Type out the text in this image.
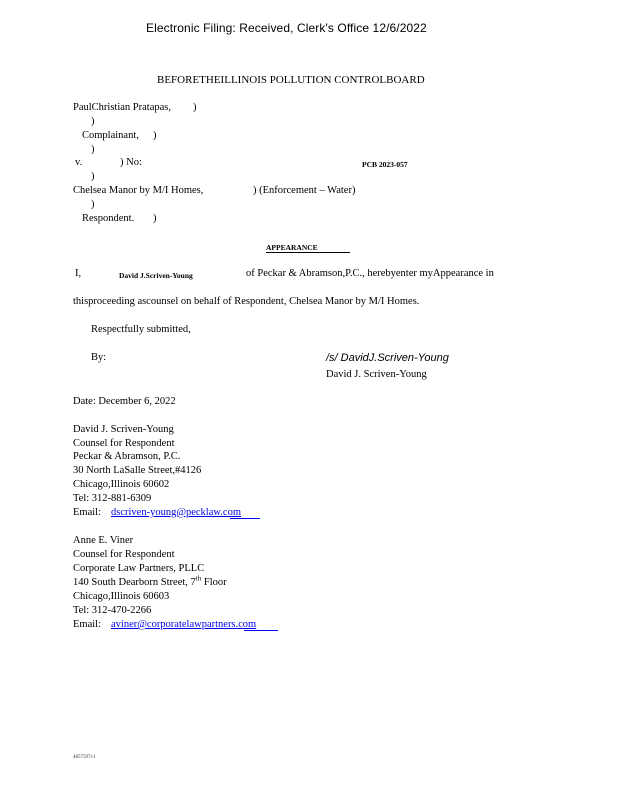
Electronic Filing: Received, Clerk's Office 12/6/2022
BEFORETHEILLINOIS POLLUTION CONTROLBOARD
PaulChristian Pratapas, )
)
Complainant, )
)
v.	) No:	PCB 2023-057
)
Chelsea Manor by M/I Homes,	) (Enforcement – Water)
)
Respondent. )
APPEARANCE
I,	David J.Scriven-Young	of Peckar & Abramson,P.C., herebyenter myAppearance in
thisproceeding ascounsel on behalf of Respondent, Chelsea Manor by M/I Homes.
Respectfully submitted,
By:	/s/ DavidJ.Scriven-Young
David J. Scriven-Young
Date: December 6, 2022
David J. Scriven-Young
Counsel for Respondent
Peckar & Abramson, P.C.
30 North LaSalle Street,#4126
Chicago,Illinois 60602
Tel: 312-881-6309
Email: dscriven-young@pecklaw.com
Anne E. Viner
Counsel for Respondent
Corporate Law Partners, PLLC
140 South Dearborn Street, 7th Floor
Chicago,Illinois 60603
Tel: 312-470-2266
Email: aviner@corporatelawpartners.com
4857597v1
